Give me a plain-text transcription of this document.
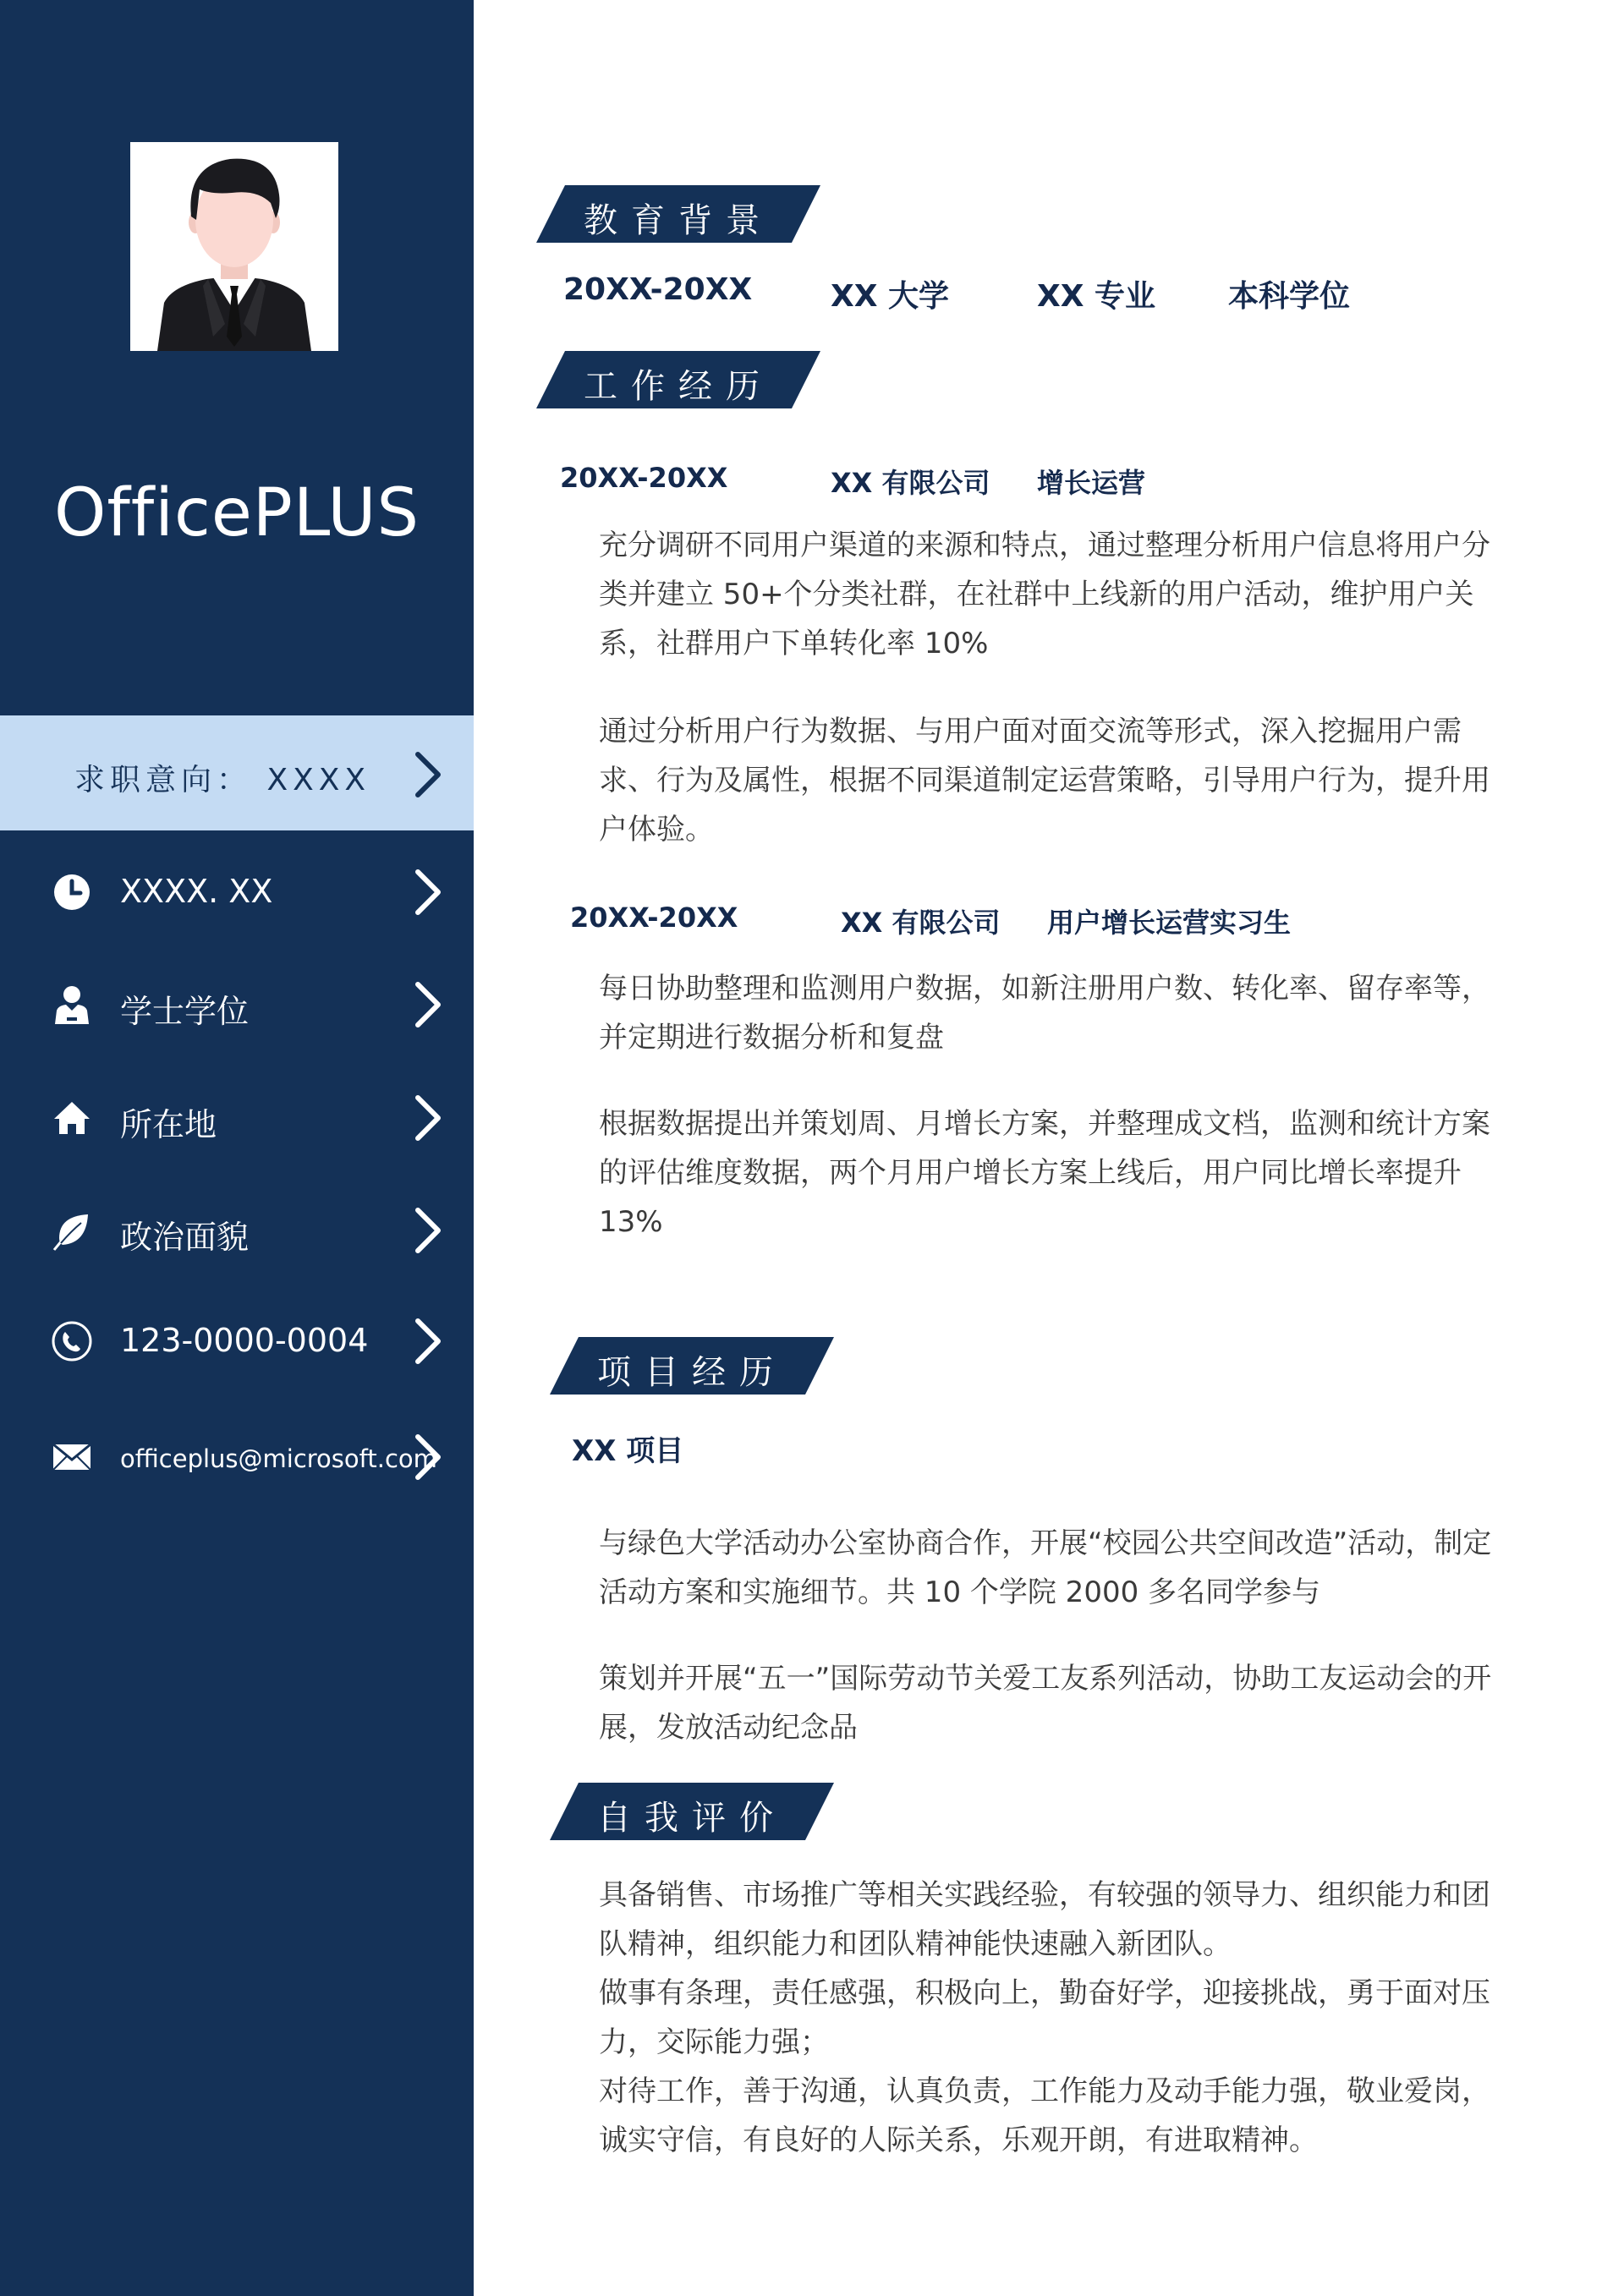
OfficePLUS
求职意向： XXXX
XXXX. XX
学士学位
所在地
政治面貌
123-0000-0004
officeplus@microsoft.com
教育背景
20XX-20XX	XX 大学	XX 专业 本科学位
工作经历
20XX-20XX	XX 有限公司 增长运营
充分调研不同用户渠道的来源和特点，通过整理分析用户信息将用户分类并建立 50+个分类社群，在社群中上线新的用户活动，维护用户关系，社群用户下单转化率 10%
通过分析用户行为数据、与用户面对面交流等形式，深入挖掘用户需求、行为及属性，根据不同渠道制定运营策略，引导用户行为，提升用户体验。
20XX-20XX	XX 有限公司 用户增长运营实习生
每日协助整理和监测用户数据，如新注册用户数、转化率、留存率等，并定期进行数据分析和复盘
根据数据提出并策划周、月增长方案，并整理成文档，监测和统计方案的评估维度数据，两个月用户增长方案上线后，用户同比增长率提升 13%
项目经历
XX 项目
与绿色大学活动办公室协商合作，开展“校园公共空间改造”活动，制定活动方案和实施细节。共 10 个学院 2000 多名同学参与
策划并开展“五一”国际劳动节关爱工友系列活动，协助工友运动会的开展，发放活动纪念品
自我评价
具备销售、市场推广等相关实践经验，有较强的领导力、组织能力和团队精神，组织能力和团队精神能快速融入新团队。
做事有条理，责任感强，积极向上，勤奋好学，迎接挑战，勇于面对压力，交际能力强；
对待工作，善于沟通，认真负责，工作能力及动手能力强，敬业爱岗，诚实守信，有良好的人际关系，乐观开朗，有进取精神。
